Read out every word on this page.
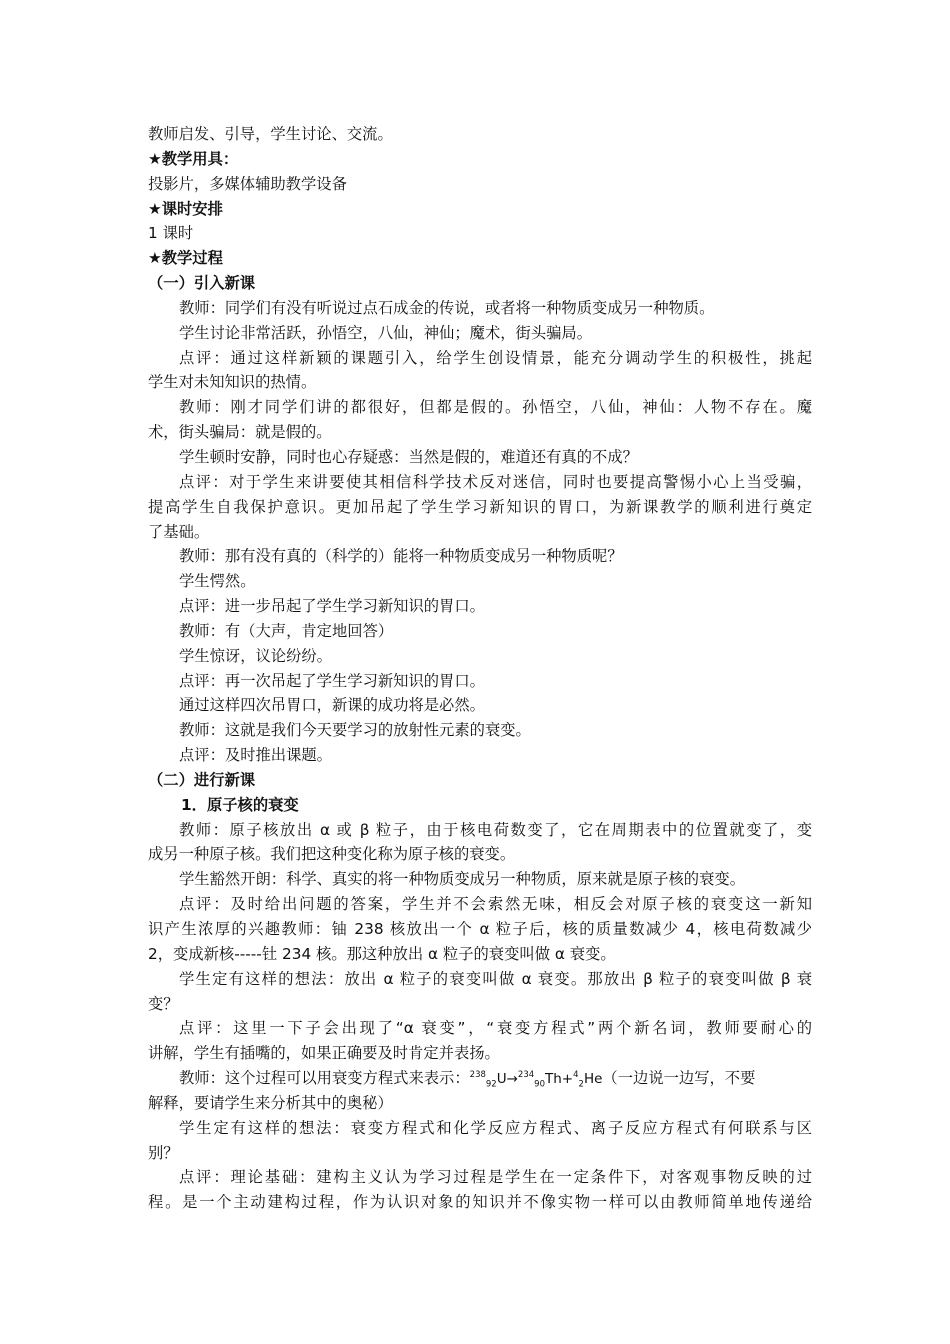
教师启发、引导，学生讨论、交流。
★教学用具：
投影片，多媒体辅助教学设备
★课时安排
1 课时
★教学过程
（一）引入新课
教师：同学们有没有听说过点石成金的传说，或者将一种物质变成另一种物质。
学生讨论非常活跃，孙悟空，八仙，神仙；魔术，街头骗局。
点评：通过这样新颖的课题引入，给学生创设情景，能充分调动学生的积极性，挑起
学生对未知知识的热情。
教师：刚才同学们讲的都很好，但都是假的。孙悟空，八仙，神仙：人物不存在。魔
术，街头骗局：就是假的。
学生顿时安静，同时也心存疑惑：当然是假的，难道还有真的不成？
点评：对于学生来讲要使其相信科学技术反对迷信，同时也要提高警惕小心上当受骗，
提高学生自我保护意识。更加吊起了学生学习新知识的胃口，为新课教学的顺利进行奠定
了基础。
教师：那有没有真的（科学的）能将一种物质变成另一种物质呢？
学生愕然。
点评：进一步吊起了学生学习新知识的胃口。
教师：有（大声，肯定地回答）
学生惊讶，议论纷纷。
点评：再一次吊起了学生学习新知识的胃口。
通过这样四次吊胃口，新课的成功将是必然。
教师：这就是我们今天要学习的放射性元素的衰变。
点评：及时推出课题。
（二）进行新课
1．原子核的衰变
教师：原子核放出 α 或 β 粒子，由于核电荷数变了，它在周期表中的位置就变了，变
成另一种原子核。我们把这种变化称为原子核的衰变。
学生豁然开朗：科学、真实的将一种物质变成另一种物质，原来就是原子核的衰变。
点评：及时给出问题的答案，学生并不会索然无味，相反会对原子核的衰变这一新知
识产生浓厚的兴趣教师：铀 238 核放出一个 α 粒子后，核的质量数减少 4，核电荷数减少
2，变成新核-----钍 234 核。那这种放出 α 粒子的衰变叫做 α 衰变。
学生定有这样的想法：放出 α 粒子的衰变叫做 α 衰变。那放出 β 粒子的衰变叫做 β 衰
变？
点评：这里一下子会出现了“α 衰变”，“衰变方程式”两个新名词，教师要耐心的
讲解，学生有插嘴的，如果正确要及时肯定并表扬。
教师：这个过程可以用衰变方程式来表示：$^{238}_{92}$U→$^{234}_{90}$Th+$^4_2$He（一边说一边写，不要
解释，要请学生来分析其中的奥秘）
学生定有这样的想法：衰变方程式和化学反应方程式、离子反应方程式有何联系与区
别？
点评：理论基础：建构主义认为学习过程是学生在一定条件下，对客观事物反映的过
程。是一个主动建构过程，作为认识对象的知识并不像实物一样可以由教师简单地传递给
